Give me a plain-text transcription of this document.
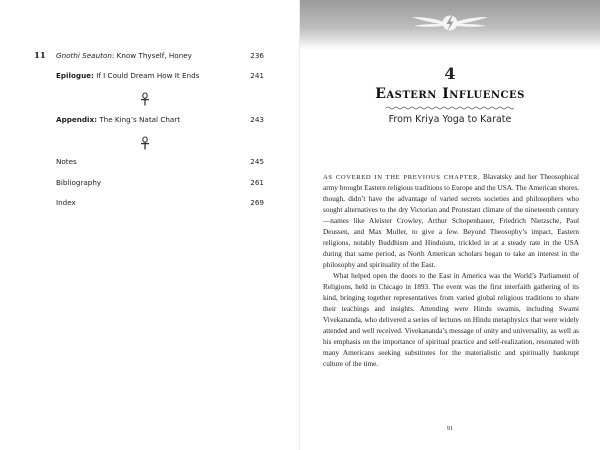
11 Gnothi Seauton: Know Thyself, Honey	236
Epilogue: If I Could Dream How It Ends	241
Appendix: The King’s Natal Chart	243
Notes	245
Bibliography	261
Index	269
4
Eastern Influences
From Kriya Yoga to Karate

AS COVERED IN THE PREVIOUS CHAPTER, Blavatsky and her Theosophical army brought Eastern religious traditions to Europe and the USA. The American shores, though, didn’t have the advantage of varied secrets societies and philosophers who sought alternatives to the dry Victorian and Protestant climate of the nineteenth century—names like Aleister Crowley, Arthur Schopenhauer, Friedrich Nietzsche, Paul Deussen, and Max Muller, to give a few. Beyond Theosophy’s impact, Eastern religions, notably Buddhism and Hinduism, trickled in at a steady rate in the USA during that same period, as North American scholars began to take an interest in the philosophy and spirituality of the East.

What helped open the doors to the East in America was the World’s Parliament of Religions, held in Chicago in 1893. The event was the first interfaith gathering of its kind, bringing together representatives from varied global religious traditions to share their teachings and insights. Attending were Hindu swamis, including Swami Vivekananda, who delivered a series of lectures on Hindu metaphysics that were widely attended and well received. Vivekananda’s message of unity and universality, as well as his emphasis on the importance of spiritual practice and self-realization, resonated with many Americans seeking substitutes for the materialistic and spiritually bankrupt culture of the time.

91
